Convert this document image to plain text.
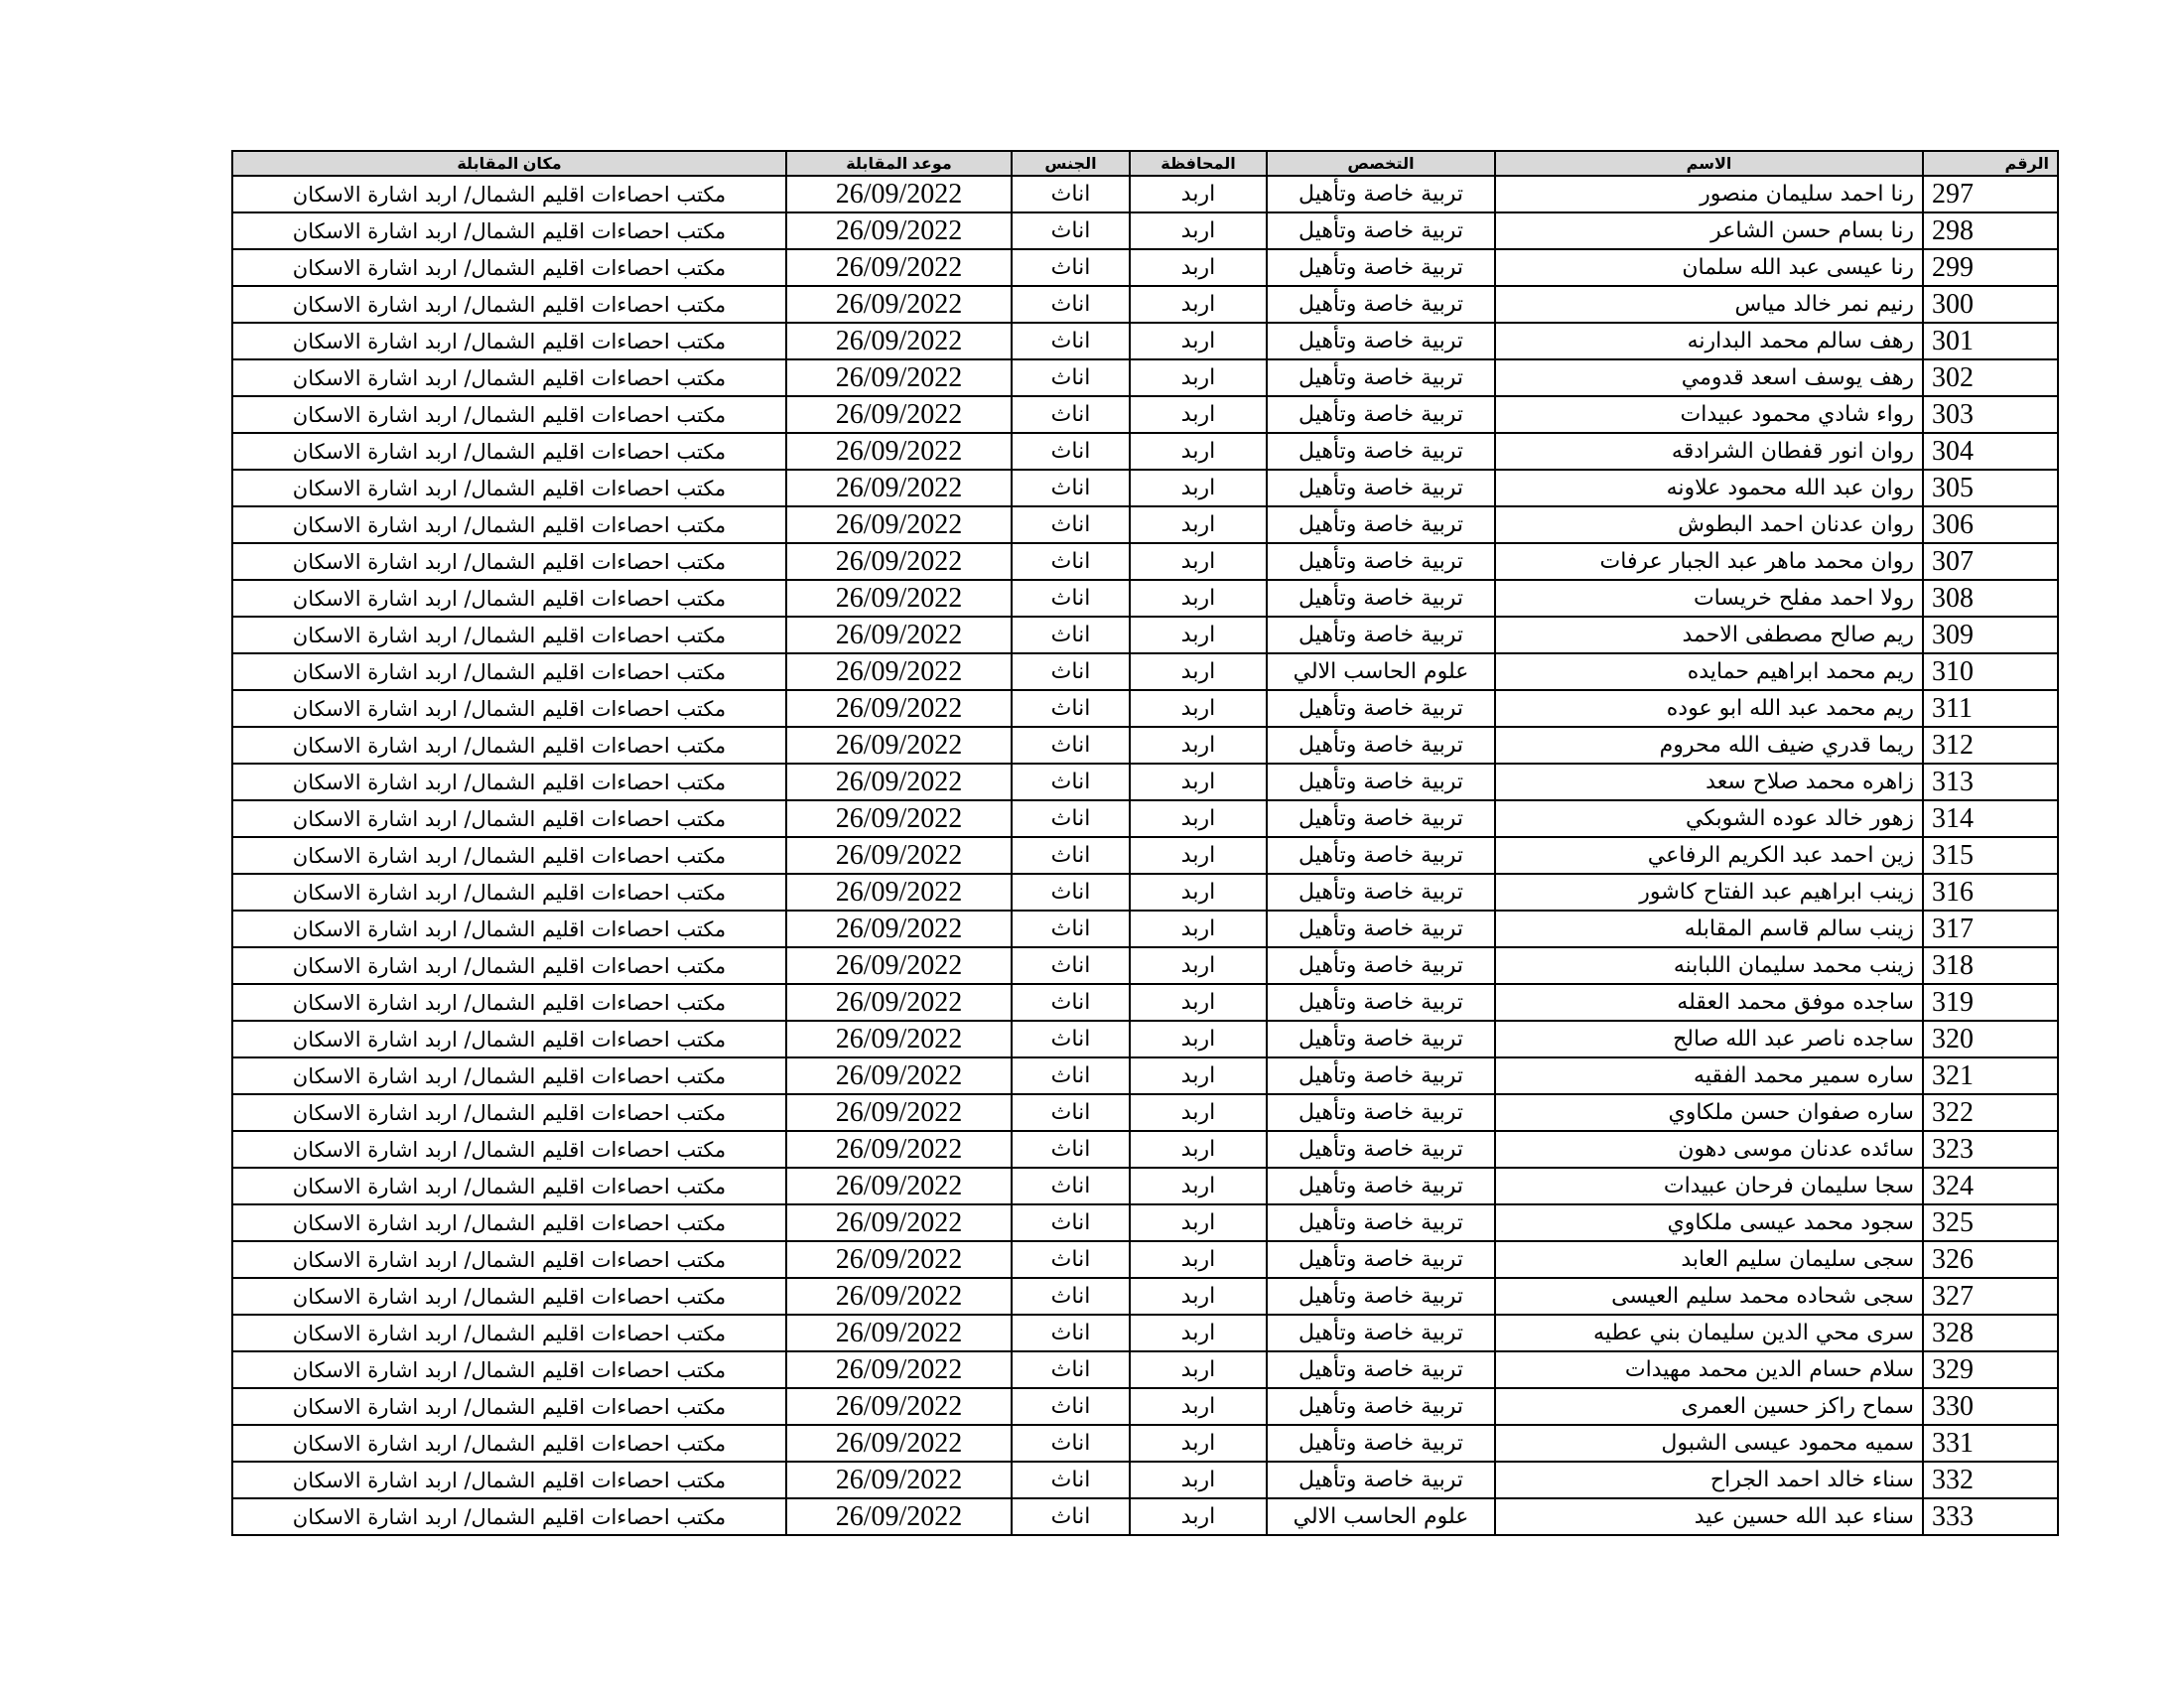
الرقم	الاسم	التخصص	المحافظة	الجنس	موعد المقابلة	مكان المقابلة
297	رنا احمد سليمان منصور	تربية خاصة وتأهيل	اربد	اناث	26/09/2022	مكتب احصاءات اقليم الشمال/ اربد اشارة الاسكان
298	رنا بسام حسن الشاعر	تربية خاصة وتأهيل	اربد	اناث	26/09/2022	مكتب احصاءات اقليم الشمال/ اربد اشارة الاسكان
299	رنا عيسى عبد الله سلمان	تربية خاصة وتأهيل	اربد	اناث	26/09/2022	مكتب احصاءات اقليم الشمال/ اربد اشارة الاسكان
300	رنيم نمر خالد مياس	تربية خاصة وتأهيل	اربد	اناث	26/09/2022	مكتب احصاءات اقليم الشمال/ اربد اشارة الاسكان
301	رهف سالم محمد البدارنه	تربية خاصة وتأهيل	اربد	اناث	26/09/2022	مكتب احصاءات اقليم الشمال/ اربد اشارة الاسكان
302	رهف يوسف اسعد قدومي	تربية خاصة وتأهيل	اربد	اناث	26/09/2022	مكتب احصاءات اقليم الشمال/ اربد اشارة الاسكان
303	رواء شادي محمود عبيدات	تربية خاصة وتأهيل	اربد	اناث	26/09/2022	مكتب احصاءات اقليم الشمال/ اربد اشارة الاسكان
304	روان انور قفطان الشرادقه	تربية خاصة وتأهيل	اربد	اناث	26/09/2022	مكتب احصاءات اقليم الشمال/ اربد اشارة الاسكان
305	روان عبد الله محمود علاونه	تربية خاصة وتأهيل	اربد	اناث	26/09/2022	مكتب احصاءات اقليم الشمال/ اربد اشارة الاسكان
306	روان عدنان احمد البطوش	تربية خاصة وتأهيل	اربد	اناث	26/09/2022	مكتب احصاءات اقليم الشمال/ اربد اشارة الاسكان
307	روان محمد ماهر عبد الجبار عرفات	تربية خاصة وتأهيل	اربد	اناث	26/09/2022	مكتب احصاءات اقليم الشمال/ اربد اشارة الاسكان
308	رولا احمد مفلح خريسات	تربية خاصة وتأهيل	اربد	اناث	26/09/2022	مكتب احصاءات اقليم الشمال/ اربد اشارة الاسكان
309	ريم صالح مصطفى الاحمد	تربية خاصة وتأهيل	اربد	اناث	26/09/2022	مكتب احصاءات اقليم الشمال/ اربد اشارة الاسكان
310	ريم محمد ابراهيم حمايده	علوم الحاسب الالي	اربد	اناث	26/09/2022	مكتب احصاءات اقليم الشمال/ اربد اشارة الاسكان
311	ريم محمد عبد الله ابو عوده	تربية خاصة وتأهيل	اربد	اناث	26/09/2022	مكتب احصاءات اقليم الشمال/ اربد اشارة الاسكان
312	ريما قدري ضيف الله محروم	تربية خاصة وتأهيل	اربد	اناث	26/09/2022	مكتب احصاءات اقليم الشمال/ اربد اشارة الاسكان
313	زاهره محمد صلاح سعد	تربية خاصة وتأهيل	اربد	اناث	26/09/2022	مكتب احصاءات اقليم الشمال/ اربد اشارة الاسكان
314	زهور خالد عوده الشوبكي	تربية خاصة وتأهيل	اربد	اناث	26/09/2022	مكتب احصاءات اقليم الشمال/ اربد اشارة الاسكان
315	زين احمد عبد الكريم الرفاعي	تربية خاصة وتأهيل	اربد	اناث	26/09/2022	مكتب احصاءات اقليم الشمال/ اربد اشارة الاسكان
316	زينب ابراهيم عبد الفتاح كاشور	تربية خاصة وتأهيل	اربد	اناث	26/09/2022	مكتب احصاءات اقليم الشمال/ اربد اشارة الاسكان
317	زينب سالم قاسم المقابله	تربية خاصة وتأهيل	اربد	اناث	26/09/2022	مكتب احصاءات اقليم الشمال/ اربد اشارة الاسكان
318	زينب محمد سليمان اللبابنه	تربية خاصة وتأهيل	اربد	اناث	26/09/2022	مكتب احصاءات اقليم الشمال/ اربد اشارة الاسكان
319	ساجده موفق محمد العقله	تربية خاصة وتأهيل	اربد	اناث	26/09/2022	مكتب احصاءات اقليم الشمال/ اربد اشارة الاسكان
320	ساجده ناصر عبد الله صالح	تربية خاصة وتأهيل	اربد	اناث	26/09/2022	مكتب احصاءات اقليم الشمال/ اربد اشارة الاسكان
321	ساره سمير محمد الفقيه	تربية خاصة وتأهيل	اربد	اناث	26/09/2022	مكتب احصاءات اقليم الشمال/ اربد اشارة الاسكان
322	ساره صفوان حسن ملكاوي	تربية خاصة وتأهيل	اربد	اناث	26/09/2022	مكتب احصاءات اقليم الشمال/ اربد اشارة الاسكان
323	سائده عدنان موسى دهون	تربية خاصة وتأهيل	اربد	اناث	26/09/2022	مكتب احصاءات اقليم الشمال/ اربد اشارة الاسكان
324	سجا سليمان فرحان عبيدات	تربية خاصة وتأهيل	اربد	اناث	26/09/2022	مكتب احصاءات اقليم الشمال/ اربد اشارة الاسكان
325	سجود محمد عيسى ملكاوي	تربية خاصة وتأهيل	اربد	اناث	26/09/2022	مكتب احصاءات اقليم الشمال/ اربد اشارة الاسكان
326	سجى سليمان سليم العابد	تربية خاصة وتأهيل	اربد	اناث	26/09/2022	مكتب احصاءات اقليم الشمال/ اربد اشارة الاسكان
327	سجى شحاده محمد سليم العيسى	تربية خاصة وتأهيل	اربد	اناث	26/09/2022	مكتب احصاءات اقليم الشمال/ اربد اشارة الاسكان
328	سرى محي الدين سليمان بني عطيه	تربية خاصة وتأهيل	اربد	اناث	26/09/2022	مكتب احصاءات اقليم الشمال/ اربد اشارة الاسكان
329	سلام حسام الدين محمد مهيدات	تربية خاصة وتأهيل	اربد	اناث	26/09/2022	مكتب احصاءات اقليم الشمال/ اربد اشارة الاسكان
330	سماح راكز حسين العمرى	تربية خاصة وتأهيل	اربد	اناث	26/09/2022	مكتب احصاءات اقليم الشمال/ اربد اشارة الاسكان
331	سميه محمود عيسى الشبول	تربية خاصة وتأهيل	اربد	اناث	26/09/2022	مكتب احصاءات اقليم الشمال/ اربد اشارة الاسكان
332	سناء خالد احمد الجراح	تربية خاصة وتأهيل	اربد	اناث	26/09/2022	مكتب احصاءات اقليم الشمال/ اربد اشارة الاسكان
333	سناء عبد الله حسين عيد	علوم الحاسب الالي	اربد	اناث	26/09/2022	مكتب احصاءات اقليم الشمال/ اربد اشارة الاسكان
